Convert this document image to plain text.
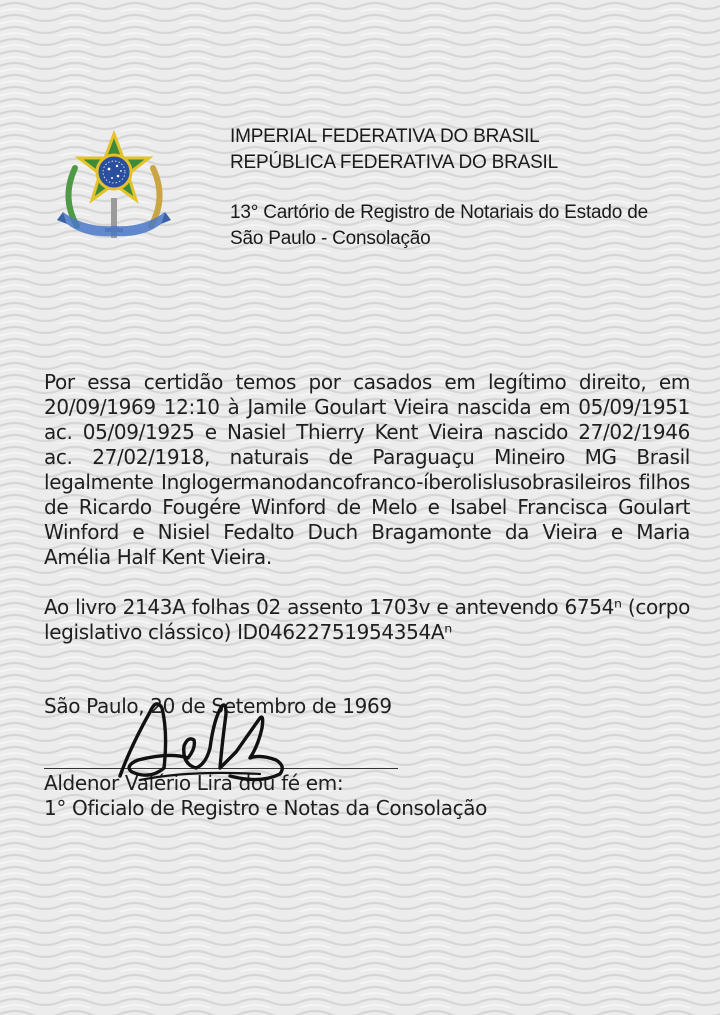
IMPERIAL FEDERATIVA DO BRASIL
REPÚBLICA FEDERATIVA DO BRASIL
13° Cartório de Registro de Notariais do Estado de
São Paulo - Consolação

Por essa certidão temos por casados em legítimo direito, em 20/09/1969 12:10 à Jamile Goulart Vieira nascida em 05/09/1951 ac. 05/09/1925 e Nasiel Thierry Kent Vieira nascido 27/02/1946 ac. 27/02/1918, naturais de Paraguaçu Mineiro MG Brasil legalmente Inglogermanodancofranco-íberolislusobrasileiros filhos de Ricardo Fougére Winford de Melo e Isabel Francisca Goulart Winford e Nisiel Fedalto Duch Bragamonte da Vieira e Maria Amélia Half Kent Vieira.

Ao livro 2143A folhas 02 assento 1703v e antevendo 6754ⁿ (corpo legislativo clássico) ID04622751954354Aⁿ

São Paulo, 20 de Setembro de 1969
Aldenor Valério Lira dou fé em:
1° Oficialo de Registro e Notas da Consolação
